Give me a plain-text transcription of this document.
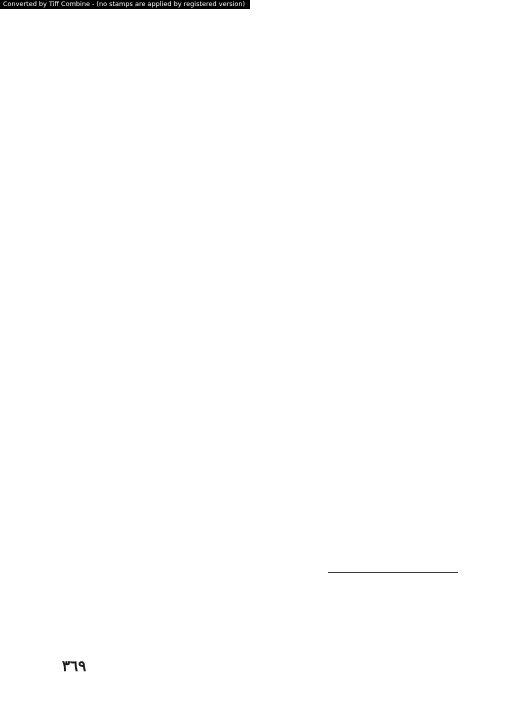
Converted by Tiff Combine - (no stamps are applied by registered version)
٣٦٩
